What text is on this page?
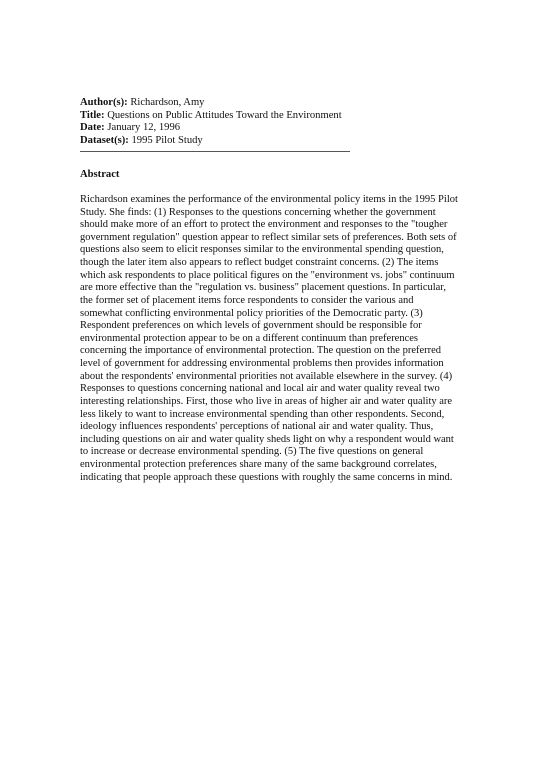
Author(s): Richardson, Amy
Title: Questions on Public Attitudes Toward the Environment
Date: January 12, 1996
Dataset(s): 1995 Pilot Study
Abstract
Richardson examines the performance of the environmental policy items in the 1995 Pilot
Study. She finds: (1) Responses to the questions concerning whether the government
should make more of an effort to protect the environment and responses to the "tougher
government regulation" question appear to reflect similar sets of preferences. Both sets of
questions also seem to elicit responses similar to the environmental spending question,
though the later item also appears to reflect budget constraint concerns. (2) The items
which ask respondents to place political figures on the "environment vs. jobs" continuum
are more effective than the "regulation vs. business" placement questions. In particular,
the former set of placement items force respondents to consider the various and
somewhat conflicting environmental policy priorities of the Democratic party. (3)
Respondent preferences on which levels of government should be responsible for
environmental protection appear to be on a different continuum than preferences
concerning the importance of environmental protection. The question on the preferred
level of government for addressing environmental problems then provides information
about the respondents' environmental priorities not available elsewhere in the survey. (4)
Responses to questions concerning national and local air and water quality reveal two
interesting relationships. First, those who live in areas of higher air and water quality are
less likely to want to increase environmental spending than other respondents. Second,
ideology influences respondents' perceptions of national air and water quality. Thus,
including questions on air and water quality sheds light on why a respondent would want
to increase or decrease environmental spending. (5) The five questions on general
environmental protection preferences share many of the same background correlates,
indicating that people approach these questions with roughly the same concerns in mind.
